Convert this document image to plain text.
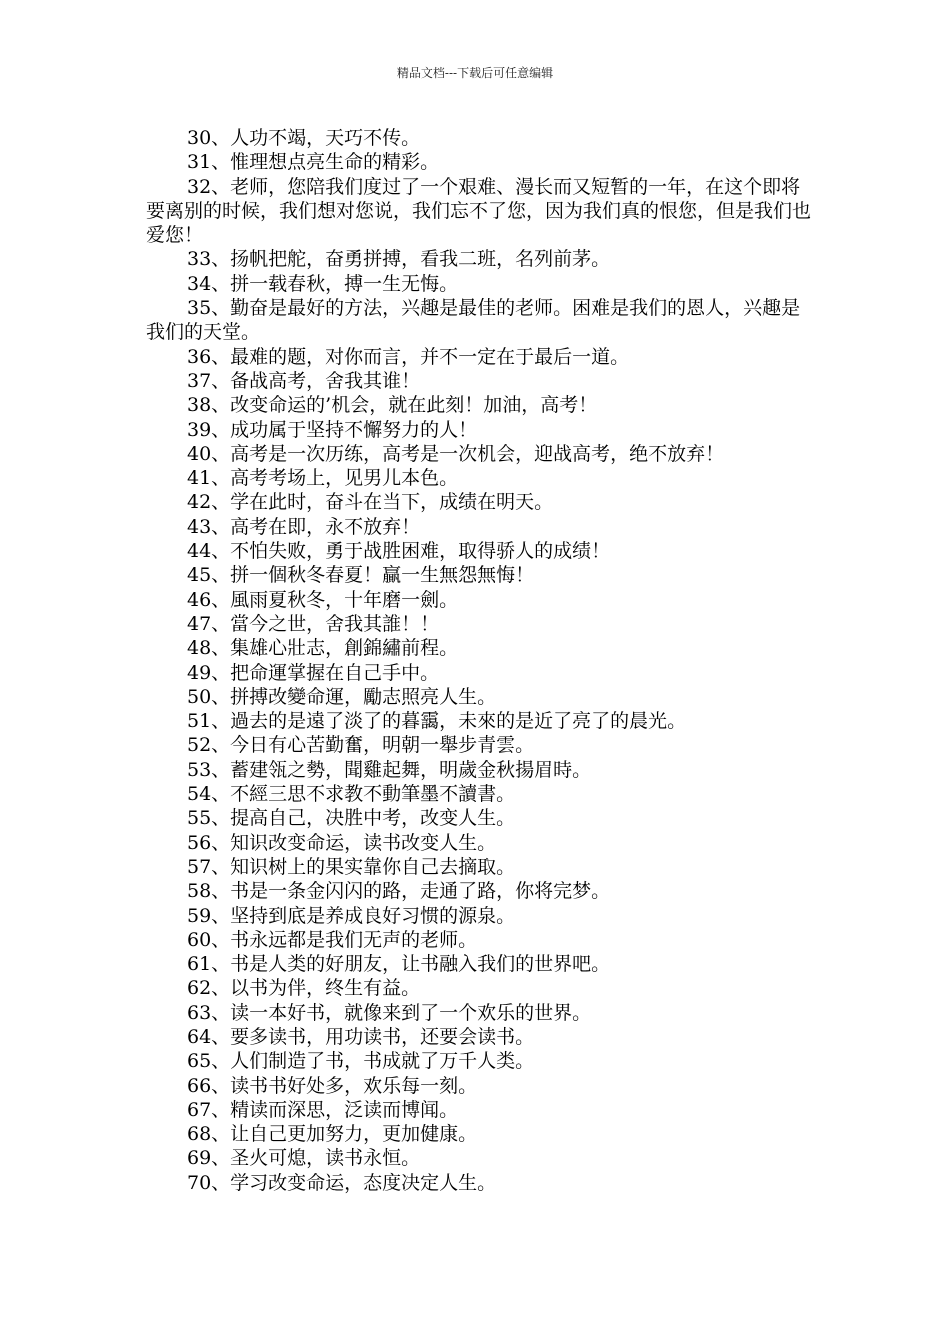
精品文档---下载后可任意编辑

30、人功不竭，天巧不传。

31、惟理想点亮生命的精彩。

32、老师，您陪我们度过了一个艰难、漫长而又短暂的一年，在这个即将要离别的时候，我们想对您说，我们忘不了您，因为我们真的恨您，但是我们也爱您！

33、扬帆把舵，奋勇拼搏，看我二班，名列前茅。

34、拼一载春秋，搏一生无悔。

35、勤奋是最好的方法，兴趣是最佳的老师。困难是我们的恩人，兴趣是我们的天堂。

36、最难的题，对你而言，并不一定在于最后一道。

37、备战高考，舍我其谁！

38、改变命运的’机会，就在此刻！加油，高考！

39、成功属于坚持不懈努力的人！

40、高考是一次历练，高考是一次机会，迎战高考，绝不放弃！

41、高考考场上，见男儿本色。

42、学在此时，奋斗在当下，成绩在明天。

43、高考在即，永不放弃！

44、不怕失败，勇于战胜困难，取得骄人的成绩！

45、拼一個秋冬春夏！贏一生無怨無悔！

46、風雨夏秋冬，十年磨一劍。

47、當今之世，舍我其誰！！

48、集雄心壯志，創錦繡前程。

49、把命運掌握在自己手中。

50、拼搏改變命運，勵志照亮人生。

51、過去的是遠了淡了的暮靄，未來的是近了亮了的晨光。

52、今日有心苦勤奮，明朝一舉步青雲。

53、蓄建瓴之勢，聞雞起舞，明歲金秋揚眉時。

54、不經三思不求教不動筆墨不讀書。

55、提高自己，决胜中考，改变人生。

56、知识改变命运，读书改变人生。

57、知识树上的果实靠你自己去摘取。

58、书是一条金闪闪的路，走通了路，你将完梦。

59、坚持到底是养成良好习惯的源泉。

60、书永远都是我们无声的老师。

61、书是人类的好朋友，让书融入我们的世界吧。

62、以书为伴，终生有益。

63、读一本好书，就像来到了一个欢乐的世界。

64、要多读书，用功读书，还要会读书。

65、人们制造了书，书成就了万千人类。

66、读书书好处多，欢乐每一刻。

67、精读而深思，泛读而博闻。

68、让自己更加努力，更加健康。

69、圣火可熄，读书永恒。

70、学习改变命运，态度决定人生。
